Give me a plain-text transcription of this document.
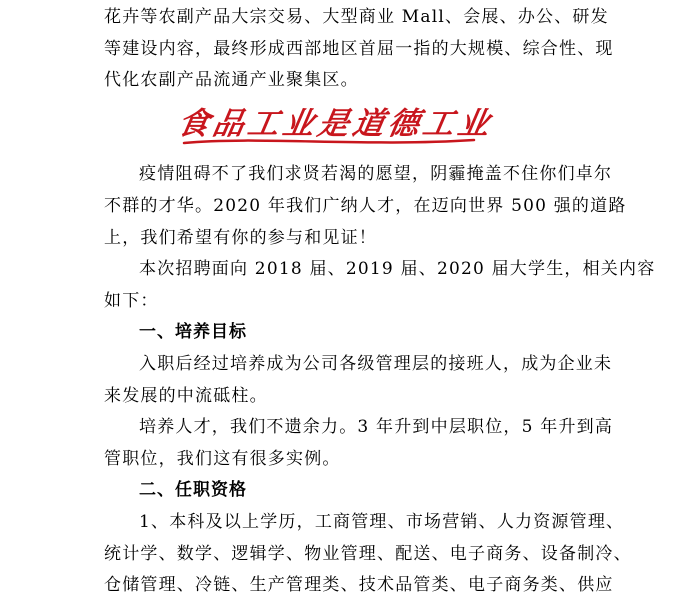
花卉等农副产品大宗交易、大型商业 Mall、会展、办公、研发
等建设内容，最终形成西部地区首屈一指的大规模、综合性、现
代化农副产品流通产业聚集区。
食品工业是道德工业
疫情阻碍不了我们求贤若渴的愿望，阴霾掩盖不住你们卓尔
不群的才华。2020 年我们广纳人才，在迈向世界 500 强的道路
上，我们希望有你的参与和见证！
本次招聘面向 2018 届、2019 届、2020 届大学生，相关内容
如下：
一、培养目标
入职后经过培养成为公司各级管理层的接班人，成为企业未
来发展的中流砥柱。
培养人才，我们不遗余力。3 年升到中层职位，5 年升到高
管职位，我们这有很多实例。
二、任职资格
1、本科及以上学历，工商管理、市场营销、人力资源管理、
统计学、数学、逻辑学、物业管理、配送、电子商务、设备制冷、
仓储管理、冷链、生产管理类、技术品管类、电子商务类、供应
